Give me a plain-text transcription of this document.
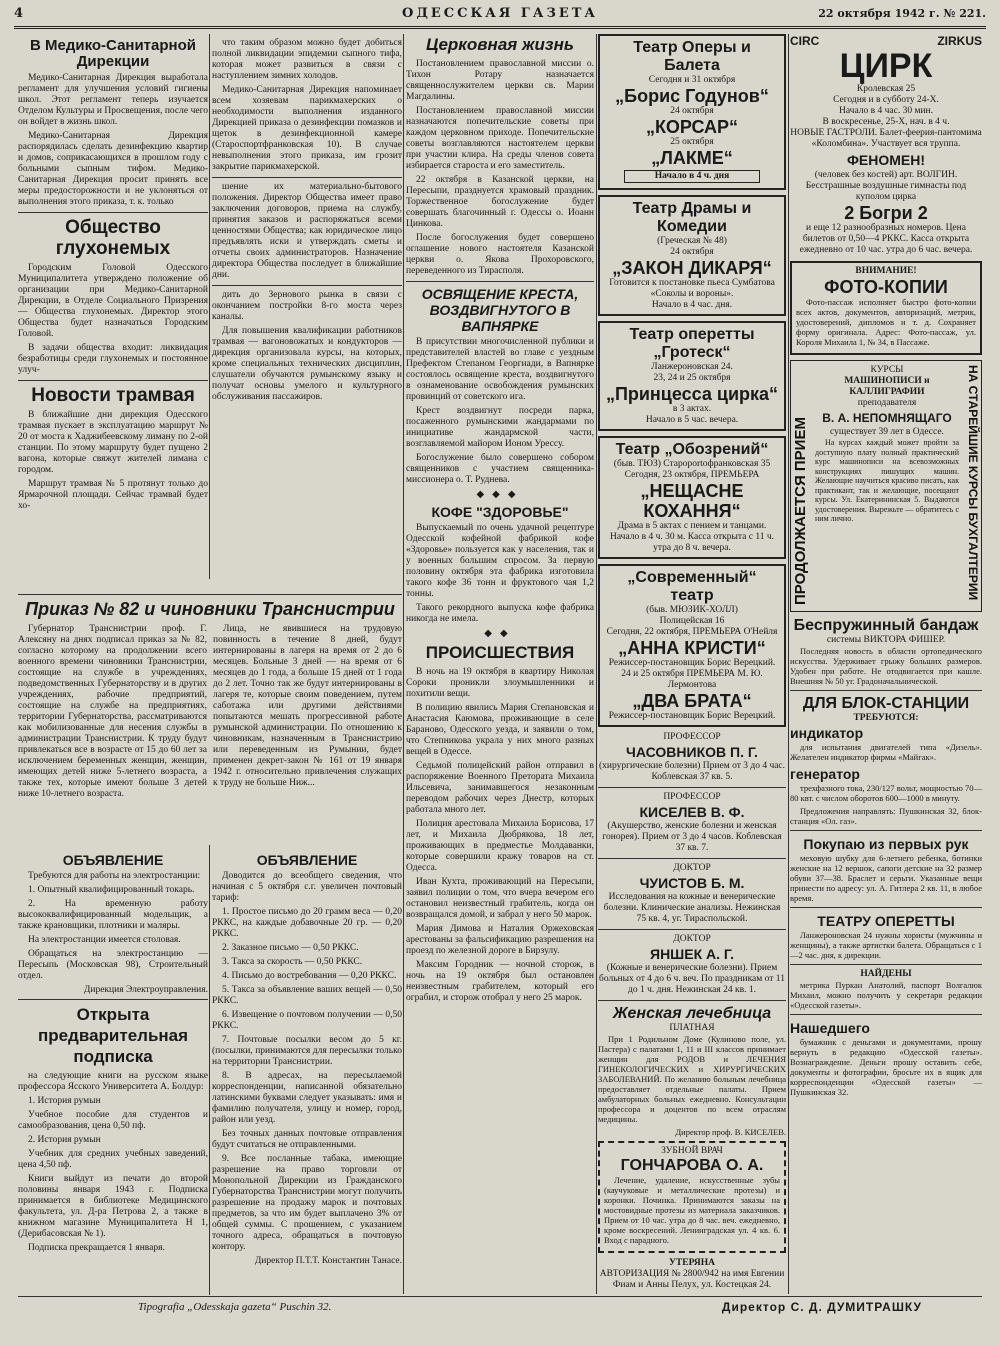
4	ОДЕССКАЯ ГАЗЕТА	22 октября 1942 г. № 221.
В Медико-Санитарной Дирекции

Медико-Санитарная Дирекция выработала регламент для улучшения условий гигиены школ. Этот регламент теперь изучается Отделом Культуры и Просвещения, после чего он войдет в жизнь школ.

Медико-Санитарная Дирекция распорядилась сделать дезинфекцию квартир и домов, соприкасающихся в прошлом году с больными сыпным тифом. Медико-Санитарная Дирекция просит принять все меры предосторожности и не уклоняться от выполнения этого приказа, т. к. только

Общество глухонемых

Городским Головой Одесского Муниципалитета утверждено положение об организации при Медико-Санитарной Дирекции, в Отделе Социального Призрения — Общества глухонемых. Директор этого Общества будет назначаться Городским Головой.

В задачи общества входит: ликвидация безработицы среди глухонемых и постоянное улуч-

Новости трамвая

В ближайшие дни дирекция Одесского трамвая пускает в эксплуатацию маршрут № 20 от моста к Хаджибеевскому лиману по 2-ой станции. По этому маршруту будет пущено 2 вагона, которые свяжут жителей лимана с городом.

Маршрут трамвая № 5 протянут только до Ярмарочной площади. Сейчас трамвай будет хо-

что таким образом можно будет добиться полной ликвидации эпидемии сыпного тифа, которая может развиться в связи с наступлением зимних холодов.

Медико-Санитарная Дирекция напоминает всем хозяевам парикмахерских о необходимости выполнения изданного Дирекцией приказа о дезинфекции помазков и щеток в дезинфекционной камере (Староспортфранковская 10). В случае невыполнения этого приказа, им грозит закрытие парикмахерской.

шение их материально-бытового положения. Директор Общества имеет право заключения договоров, приема на службу, принятия заказов и распоряжаться всеми ценностями Общества; как юридическое лицо предъявлять иски и утверждать сметы и отчеты своих администраторов. Назначение директора Общества последует в ближайшие дни.

дить до Зернового рынка в связи с окончанием постройки 8-го моста через каналы.

Для повышения квалификации работников трамвая — вагоновожатых и кондукторов — дирекция организовала курсы, на которых, кроме специальных технических дисциплин, слушатели обучаются румынскому языку и получат основы умелого и культурного обслуживания пассажиров.

Приказ № 82 и чиновники Транснистрии

Губернатор Транснистрии проф. Г. Алексяну на днях подписал приказ за № 82, согласно которому на продолжении всего военного времени чиновники Транснистрии, состоящие на службе в учреждениях, подведомственных Губернаторству и в других учреждениях, рабочие предприятий, состоящие на службе на предприятиях, территории Губернаторства, рассматриваются как мобилизованные для несения службы в администрации Транснистрии. К труду будут привлекаться все в возрасте от 15 до 60 лет за исключением беременных женщин, женщин, имеющих детей ниже 5-летнего возраста, а также тех, которые имеют больше 3 детей ниже 10-летнего возраста.

Лица, не явившиеся на трудовую повинность в течение 8 дней, будут интернированы в лагеря на время от 2 до 6 месяцев. Больные 3 дней — на время от 6 месяцев до 1 года, а больше 15 дней от 1 года до 2 лет. Точно так же будут интернированы в лагеря те, которые своим поведением, путем саботажа или другими действиями попытаются мешать прогрессивной работе румынской администрации. По отношению к чиновникам, назначенным в Транснистрию или переведенным из Румынии, будет применен декрет-закон № 161 от 19 января 1942 г. относительно привлечения служащих к труду не больше Ниж...

ОБЪЯВЛЕНИЕ

Требуются для работы на электростанции:

1. Опытный квалифицированный токарь.

2. На временную работу высококвалифицированный модельщик, а также крановщики, плотники и маляры.

На электростанции имеется столовая.

Обращаться на электростанцию — Пересыпь (Московская 98), Строительный отдел.

Дирекция Электроуправления.
Открыта предварительная подписка

на следующие книги на русском языке профессора Ясского Университета А. Болдур:

1. История румын

Учебное пособие для студентов и самообразования, цена 0,50 пф.

2. История румын

Учебник для средних учебных заведений, цена 4,50 пф.

Книги выйдут из печати до второй половины января 1943 г. Подписка принимается в библиотеке Медицинского факультета, ул. Д-ра Петрова 2, а также в книжном магазине Муниципалитета Н 1, (Дерибасовская № 1).

Подписка прекращается 1 января.

ОБЪЯВЛЕНИЕ

Доводится до всеобщего сведения, что начиная с 5 октября с.г. увеличен почтовый тариф:

1. Простое письмо до 20 грамм веса — 0,20 РККС, на каждые добавочные 20 гр. — 0,20 РККС.

2. Заказное письмо — 0,50 РККС.

3. Такса за скорость — 0,50 РККС.

4. Письмо до востребования — 0,20 РККС.

5. Такса за объявление ваших вещей — 0,50 РККС.

6. Извещение о почтовом получении — 0,50 РККС.

7. Почтовые посылки весом до 5 кг. (посылки, принимаются для пересылки только на территории Транснистрии.

8. В адресах, на пересылаемой корреспонденции, написанной обязательно латинскими буквами следует указывать: имя и фамилию получателя, улицу и номер, город, район или уезд.

Без точных данных почтовые отправления будут считаться не отправленными.

9. Все посланные табака, имеющие разрешение на право торговли от Монопольной Дирекции из Гражданского Губернаторства Транснистрии могут получить разрешение на продажу марок и почтовых предметов, за что им будет выплачено 3% от общей суммы. С прошением, с указанием точного адреса, обращаться в почтовую контору.

Директор П.Т.Т. Константин Танасе.
Церковная жизнь

Постановлением православной миссии о. Тихон Ротару назначается священнослужителем церкви св. Марии Магдалины.

Постановлением православной миссии назначаются попечительские советы при каждом церковном приходе. Попечительские советы возглавляются настоятелем церкви при участии клира. На среды членов совета избирается староста и его заместитель.

22 октября в Казанской церкви, на Пересыпи, празднуется храмовый праздник. Торжественное богослужение будет совершать благочинный г. Одессы о. Иоанн Цинкова.

После богослужения будет совершено оглашение нового настоятеля Казанской церкви о. Якова Прохоровского, переведенного из Тирасполя.

ОСВЯЩЕНИЕ КРЕСТА, ВОЗДВИГНУТОГО В ВАПНЯРКЕ

В присутствии многочисленной публики и представителей властей во главе с уездным Префектом Степаном Георгиади, в Вапнярке состоялось освящение креста, воздвигнутого в ознаменование освобождения румынских провинций от советского ига.

Крест воздвигнут посреди парка, посаженного румынскими жандармами по инициативе жандармской части, возглавляемой майором Ионом Урессу.

Богослужение было совершено собором священников с участием священника-миссионера о. Т. Руднева.

◆◆◆
КОФЕ "ЗДОРОВЬЕ"

Выпускаемый по очень удачной рецептуре Одесской кофейной фабрикой кофе «Здоровье» пользуется как у населения, так и у военных большим спросом. За первую половину октября эта фабрика изготовила такого кофе 36 тонн и фруктового чая 1,2 тонны.

Такого рекордного выпуска кофе фабрика никогда не имела.

◆◆
ПРОИСШЕСТВИЯ

В ночь на 19 октября в квартиру Николая Сороки проникли злоумышленники и похитили вещи.

В полицию явились Мария Степановская и Анастасия Каюмова, проживающие в селе Бараново, Одесского уезда, и заявили о том, что Степникова украла у них много разных вещей в Одессе.

Седьмой полицейский район отправил в распоряжение Военного Претората Михаила Ильсевича, занимавшегося незаконным переводом рабочих через Днестр, которых работала много лет.

Полиция арестовала Михаила Борисова, 17 лет, и Михаила Дюбрякова, 18 лет, проживающих в предместье Молдаванки, которые совершили кражу товаров на ст. Одесса.

Иван Кухта, проживающий на Пересыпи, заявил полиции о том, что вчера вечером его остановил неизвестный грабитель, когда он возвращался домой, и забрал у него 50 марок.

Мария Димова и Наталия Оржеховская арестованы за фальсификацию разрешения на проезд по железной дороге в Бирзулу.

Максим Городник — ночной сторож, в ночь на 19 октября был остановлен неизвестным грабителем, который его ограбил, и сторож отобрал у него 25 марок.

Театр Оперы и Балета
Сегодня и 31 октября
„Борис Годунов“
24 октября
„КОРСАР“
25 октября
„ЛАКМЕ“
Начало в 4 ч. дня
Театр Драмы и Комедии
(Греческая № 48)
24 октября
„ЗАКОН ДИКАРЯ“
Готовится к постановке пьеса Сумбатова «Соколы и вороны».
Начало в 4 час. дня.
Театр оперетты „Гротеск“
Ланжероновская 24.
23, 24 и 25 октября
„Принцесса цирка“
в 3 актах.
Начало в 5 час. вечера.
Театр „Обозрений“
(быв. ТЮЗ) Староportoфранковская 35
Сегодня, 23 октября, ПРЕМЬЕРА
„НЕЩАСНЕ КОХАННЯ“
Драма в 5 актах с пением и танцами.
Начало в 4 ч. 30 м. Касса открыта с 11 ч. утра до 8 ч. вечера.
„Современный“ театр
(быв. МЮЗИК-ХОЛЛ)
Полицейская 16
Сегодня, 22 октября, ПРЕМЬЕРА О'Нейля
„АННА КРИСТИ“
Режиссер-постановщик Борис Верецкий.
24 и 25 октября ПРЕМЬЕРА М. Ю. Лермонтова
„ДВА БРАТА“
Режиссер-постановщик Борис Верецкий.
ПРОФЕССОР
ЧАСОВНИКОВ П. Г.
(хирургические болезни) Прием от 3 до 4 час. Коблевская 37 кв. 5.
ПРОФЕССОР
КИСЕЛЕВ В. Ф.
(Акушерство, женские болезни и женская гонорея). Прием от 3 до 4 часов. Коблевская 37 кв. 7.
ДОКТОР
ЧУИСТОВ Б. М.
Исследования на кожные и венерические болезни. Клинические анализы. Нежинская 75 кв. 4, уг. Тираспольской.
ДОКТОР
ЯНШЕК А. Г.
(Кожные и венерические болезни). Прием больных от 4 до 6 ч. веч. По праздникам от 11 до 1 ч. дня. Нежинская 24 кв. 1.
Женская лечебница
ПЛАТНАЯ

При 1 Родильном Доме (Кулиново поле, ул. Пастера) с палатами 1, 11 и III классов принимает женщин для РОДОВ и ЛЕЧЕНИЯ ГИНЕКОЛОГИЧЕСКИХ и ХИРУРГИЧЕСКИХ ЗАБОЛЕВАНИЙ. По желанию больным лечебница предоставляет отдельные палаты. Прием амбулаторных больных ежедневно. Консультации профессора и доцентов по всем отраслям медицины.

Директор проф. В. КИСЕЛЕВ.
ЗУБНОЙ ВРАЧ
ГОНЧАРОВА О. А.

Лечение, удаление, искусственные зубы (каучуковые и металлические протезы) и коронки. Починка. Принимаются заказы на мостовидные протезы из материала заказчиков. Прием от 10 час. утра до 8 час. веч. ежедневно, кроме воскресений. Ленинградская ул. 4 кв. 6. Вход с парадного.

УТЕРЯНА
АВТОРИЗАЦИЯ № 2800/942 на имя Евгении Фиам и Анны Пелух, ул. Костецкая 24.
CIRC	ZIRKUS
ЦИРК
Кролевская 25
Сегодня и в субботу 24-X.
Начало в 4 час. 30 мин.
В воскресенье, 25-Х, нач. в 4 ч.
НОВЫЕ ГАСТРОЛИ. Балет-феерия-пантомима «Коломбина». Участвует вся труппа.
ФЕНОМЕН!
(человек без костей) арт. ВОЛГИН.
Бесстрашные воздушные гимнасты под куполом цирка
2 Богри 2
и еще 12 разнообразных номеров. Цена билетов от 0,50—4 РККС. Касса открыта ежедневно от 10 час. утра до 6 час. вечера.
ВНИМАНИЕ!
ФОТО-КОПИИ

Фото-пассаж исполняет быстро фото-копии всех актов, документов, авторизаций, метрик, удостоверений, дипломов и т. д. Сохраняет форму оригинала. Адрес: Фото-пассаж, ул. Короля Михаила 1, № 34, в Пассаже.

ПРОДОЛЖАЕТСЯ ПРИЕМ	НА СТАРЕЙШИЕ КУРСЫ БУХГАЛТЕРИИ
КУРСЫ
МАШИНОПИСИ и КАЛЛИГРАФИИ
преподавателя
В. А. НЕПОМНЯЩАГО
существует 39 лет в Одессе.

На курсах каждый может пройти за доступную плату полный практический курс машинописи на всевозможных конструкциях пишущих машин. Желающие научиться красиво писать, как практикант, так и желающие, посещают курсы. Ул. Екатерининская 5. Выдаются удостоверения. Вырежьте — обратитесь с ним лично.

Беспружинный бандаж
системы ВИКТОРА ФИШЕР.

Последняя новость в области ортопедического искусства. Удерживает грыжу больших размеров. Удобен при работе. Не отодвигается при кашле. Внешняя № 50 уг. Градоначальнической.

ДЛЯ БЛОК-СТАНЦИИ
ТРЕБУЮТСЯ:
индикатор

для испытания двигателей типа «Дизель». Желателен индикатор фирмы «Майгак».

генератор

трехфазного тока, 230/127 вольт, мощностью 70—80 квт. с числом оборотов 600—1000 в минуту.

Предложения направлять: Пушкинская 32, блок-станция «Ол. газ».

Покупаю из первых рук

меховую шубку для 6-летнего ребенка, ботинки женские на 12 вершок, сапоги детские на 32 размер обуви 37—38. Браслет и серьги. Указанные вещи принести по адресу: ул. А. Гитлера 2 кв. 11, в любое время.

ТЕАТРУ ОПЕРЕТТЫ

Ланжероновская 24 нужны хористы (мужчины и женщины), а также артистки балета. Обращаться с 1—2 час. дня, к дирекции.

НАЙДЕНЫ

метрика Пуркан Анатолий, паспорт Волгалюк Михаил, можно получить у секретаря редакции «Одесской газеты».

Нашедшего

бумажник с деньгами и документами, прошу вернуть в редакцию «Одесской газеты». Вознаграждение. Деньги прошу оставить себе, документы и фотографии, бросьте их в ящик для корреспонденции «Одесской газеты» — Пушкинская 32.

Tipografia „Odesskaja gazeta“ Puschin 32.	Директор С. Д. ДУМИТРАШКУ
